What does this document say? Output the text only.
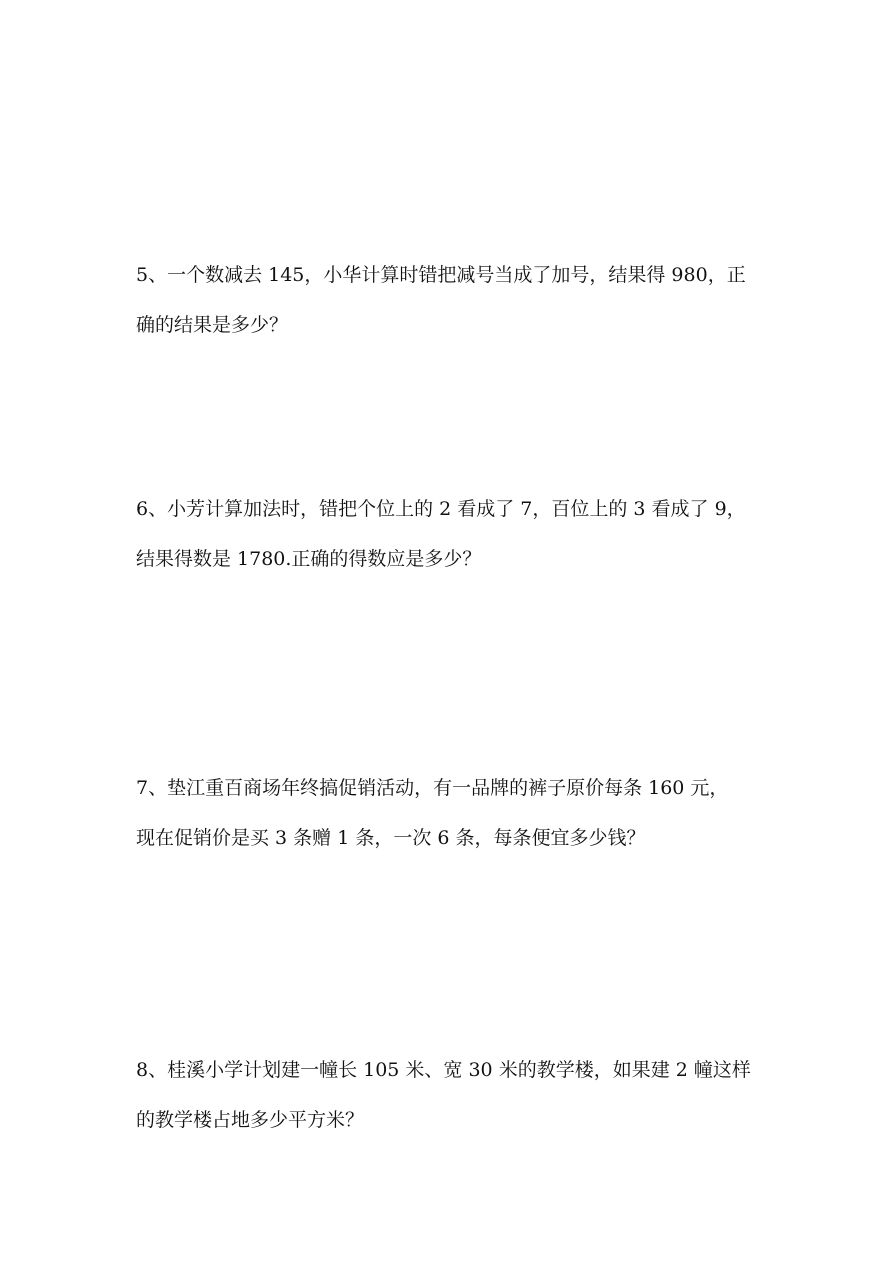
5、一个数减去 145，小华计算时错把减号当成了加号，结果得 980，正
确的结果是多少？
6、小芳计算加法时，错把个位上的 2 看成了 7，百位上的 3 看成了 9，
结果得数是 1780.正确的得数应是多少？
7、垫江重百商场年终搞促销活动，有一品牌的裤子原价每条 160 元，
现在促销价是买 3 条赠 1 条，一次 6 条，每条便宜多少钱？
8、桂溪小学计划建一幢长 105 米、宽 30 米的教学楼，如果建 2 幢这样
的教学楼占地多少平方米？
